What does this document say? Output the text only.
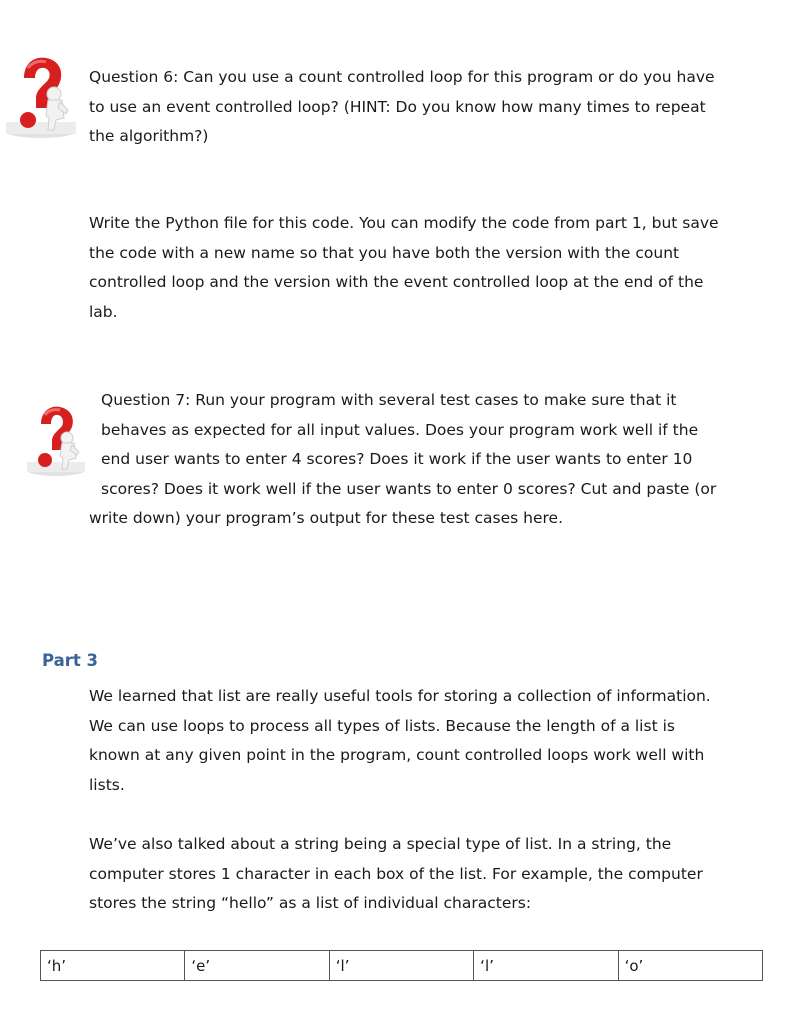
Question 6: Can you use a count controlled loop for this program or do you have
to use an event controlled loop? (HINT: Do you know how many times to repeat
the algorithm?)
Write the Python file for this code. You can modify the code from part 1, but save
the code with a new name so that you have both the version with the count
controlled loop and the version with the event controlled loop at the end of the
lab.
Question 7: Run your program with several test cases to make sure that it
behaves as expected for all input values. Does your program work well if the
end user wants to enter 4 scores? Does it work if the user wants to enter 10
scores? Does it work well if the user wants to enter 0 scores? Cut and paste (or
write down) your program’s output for these test cases here.
Part 3
We learned that list are really useful tools for storing a collection of information.
We can use loops to process all types of lists. Because the length of a list is
known at any given point in the program, count controlled loops work well with
lists.
We’ve also talked about a string being a special type of list. In a string, the
computer stores 1 character in each box of the list. For example, the computer
stores the string “hello” as a list of individual characters:
‘h’	‘e’	‘l’	‘l’	‘o’
